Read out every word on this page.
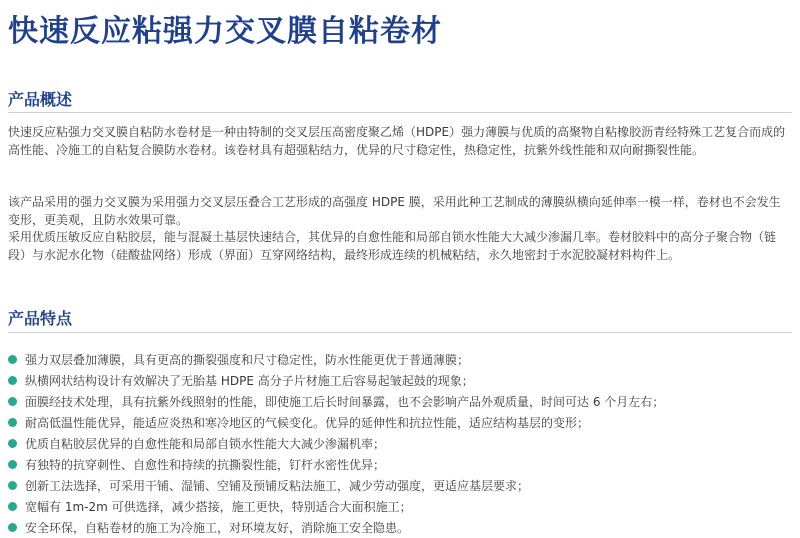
快速反应粘强力交叉膜自粘卷材
产品概述

快速反应粘强力交叉膜自粘防水卷材是一种由特制的交叉层压高密度聚乙烯（HDPE）强力薄膜与优质的高聚物自粘橡胶沥青经特殊工艺复合而成的高性能、冷施工的自粘复合膜防水卷材。该卷材具有超强粘结力，优异的尺寸稳定性，热稳定性，抗紫外线性能和双向耐撕裂性能。

该产品采用的强力交叉膜为采用强力交叉层压叠合工艺形成的高强度 HDPE 膜，采用此种工艺制成的薄膜纵横向延伸率一模一样，卷材也不会发生变形，更美观，且防水效果可靠。

采用优质压敏反应自粘胶层，能与混凝土基层快速结合，其优异的自愈性能和局部自锁水性能大大减少渗漏几率。卷材胶料中的高分子聚合物（链段）与水泥水化物（硅酸盐网络）形成（界面）互穿网络结构，最终形成连续的机械粘结，永久地密封于水泥胶凝材料构件上。

产品特点
强力双层叠加薄膜，具有更高的撕裂强度和尺寸稳定性，防水性能更优于普通薄膜；
纵横网状结构设计有效解决了无胎基 HDPE 高分子片材施工后容易起皱起鼓的现象；
面膜经技术处理，具有抗紫外线照射的性能，即使施工后长时间暴露，也不会影响产品外观质量，时间可达 6 个月左右；
耐高低温性能优异，能适应炎热和寒冷地区的气候变化。优异的延伸性和抗拉性能，适应结构基层的变形；
优质自粘胶层优异的自愈性能和局部自锁水性能大大减少渗漏机率；
有独特的抗穿刺性、自愈性和持续的抗撕裂性能，钉杆水密性优异；
创新工法选择，可采用干铺、湿铺、空铺及预铺反粘法施工，减少劳动强度，更适应基层要求；
宽幅有 1m-2m 可供选择，减少搭接，施工更快，特别适合大面积施工；
安全环保，自粘卷材的施工为冷施工，对环境友好，消除施工安全隐患。
